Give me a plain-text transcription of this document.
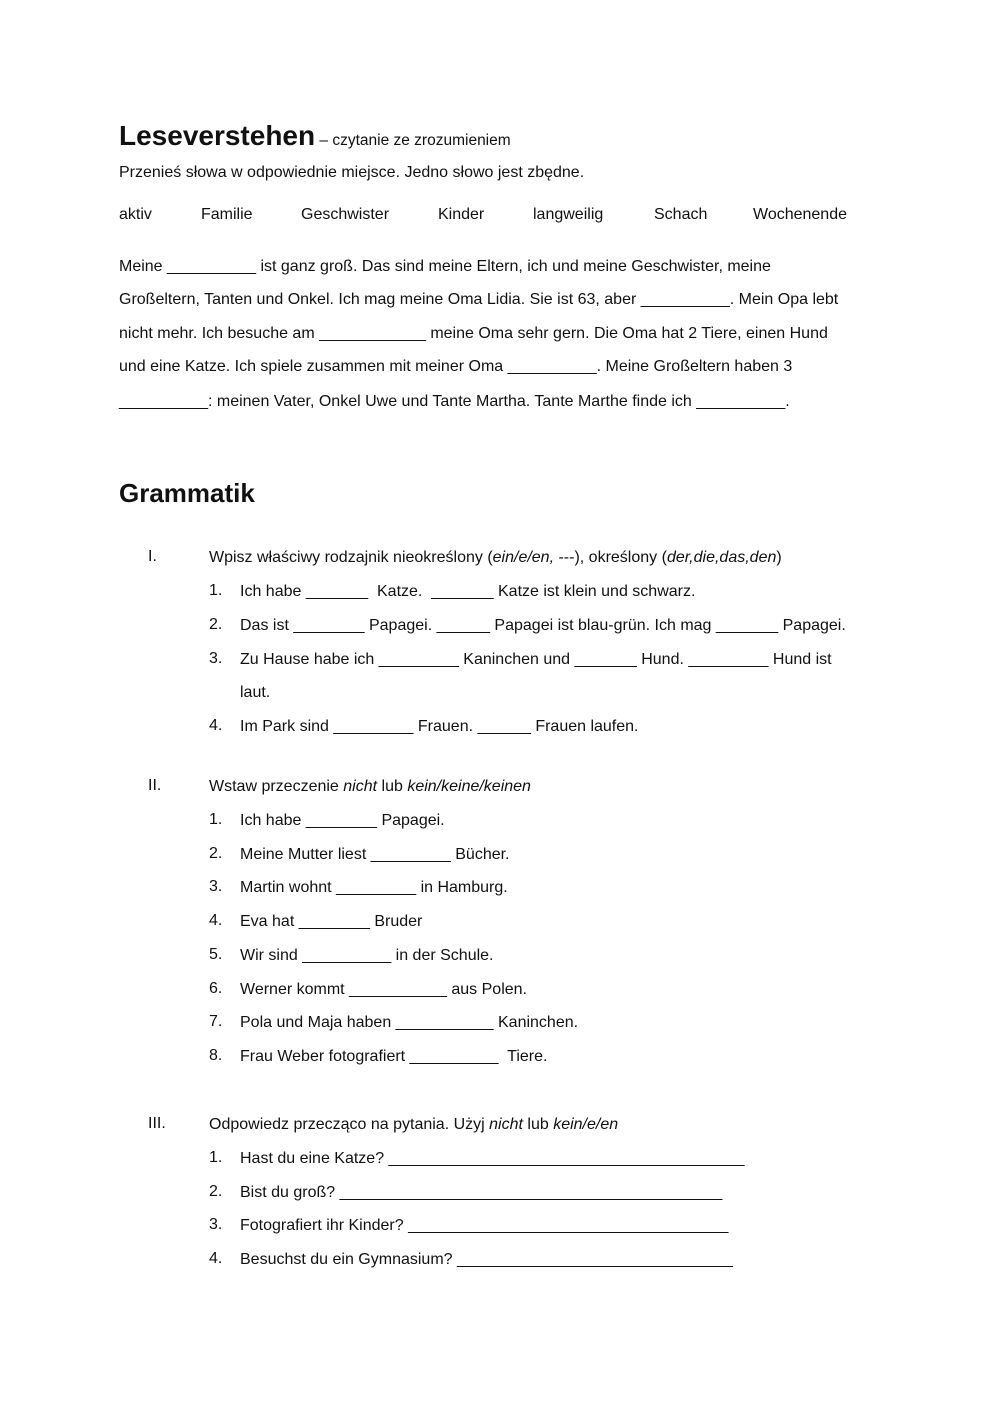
Leseverstehen – czytanie ze zrozumieniem
Przenieś słowa w odpowiednie miejsce. Jedno słowo jest zbędne.
aktiv	Familie	Geschwister	Kinder	langweilig	Schach	Wochenende
Meine __________ ist ganz groß. Das sind meine Eltern, ich und meine Geschwister, meine
Großeltern, Tanten und Onkel. Ich mag meine Oma Lidia. Sie ist 63, aber __________. Mein Opa lebt
nicht mehr. Ich besuche am ____________ meine Oma sehr gern. Die Oma hat 2 Tiere, einen Hund
und eine Katze. Ich spiele zusammen mit meiner Oma __________. Meine Großeltern haben 3
__________: meinen Vater, Onkel Uwe und Tante Martha. Tante Marthe finde ich __________.
Grammatik
I.	Wpisz właściwy rodzajnik nieokreślony (ein/e/en, ---), określony (der,die,das,den)
1. Ich habe _______  Katze.  _______ Katze ist klein und schwarz.
2. Das ist ________ Papagei. ______ Papagei ist blau-grün. Ich mag _______ Papagei.
3. Zu Hause habe ich _________ Kaninchen und _______ Hund. _________ Hund ist
laut.
4. Im Park sind _________ Frauen. ______ Frauen laufen.
II.	Wstaw przeczenie nicht lub kein/keine/keinen
1. Ich habe ________ Papagei.
2. Meine Mutter liest _________ Bücher.
3. Martin wohnt _________ in Hamburg.
4. Eva hat ________ Bruder
5. Wir sind __________ in der Schule.
6. Werner kommt ___________ aus Polen.
7. Pola und Maja haben ___________ Kaninchen.
8. Frau Weber fotografiert __________  Tiere.
III.	Odpowiedz przecząco na pytania. Użyj nicht lub kein/e/en
1. Hast du eine Katze? ________________________________________
2. Bist du groß? ___________________________________________
3. Fotografiert ihr Kinder? ____________________________________
4. Besuchst du ein Gymnasium? _______________________________
